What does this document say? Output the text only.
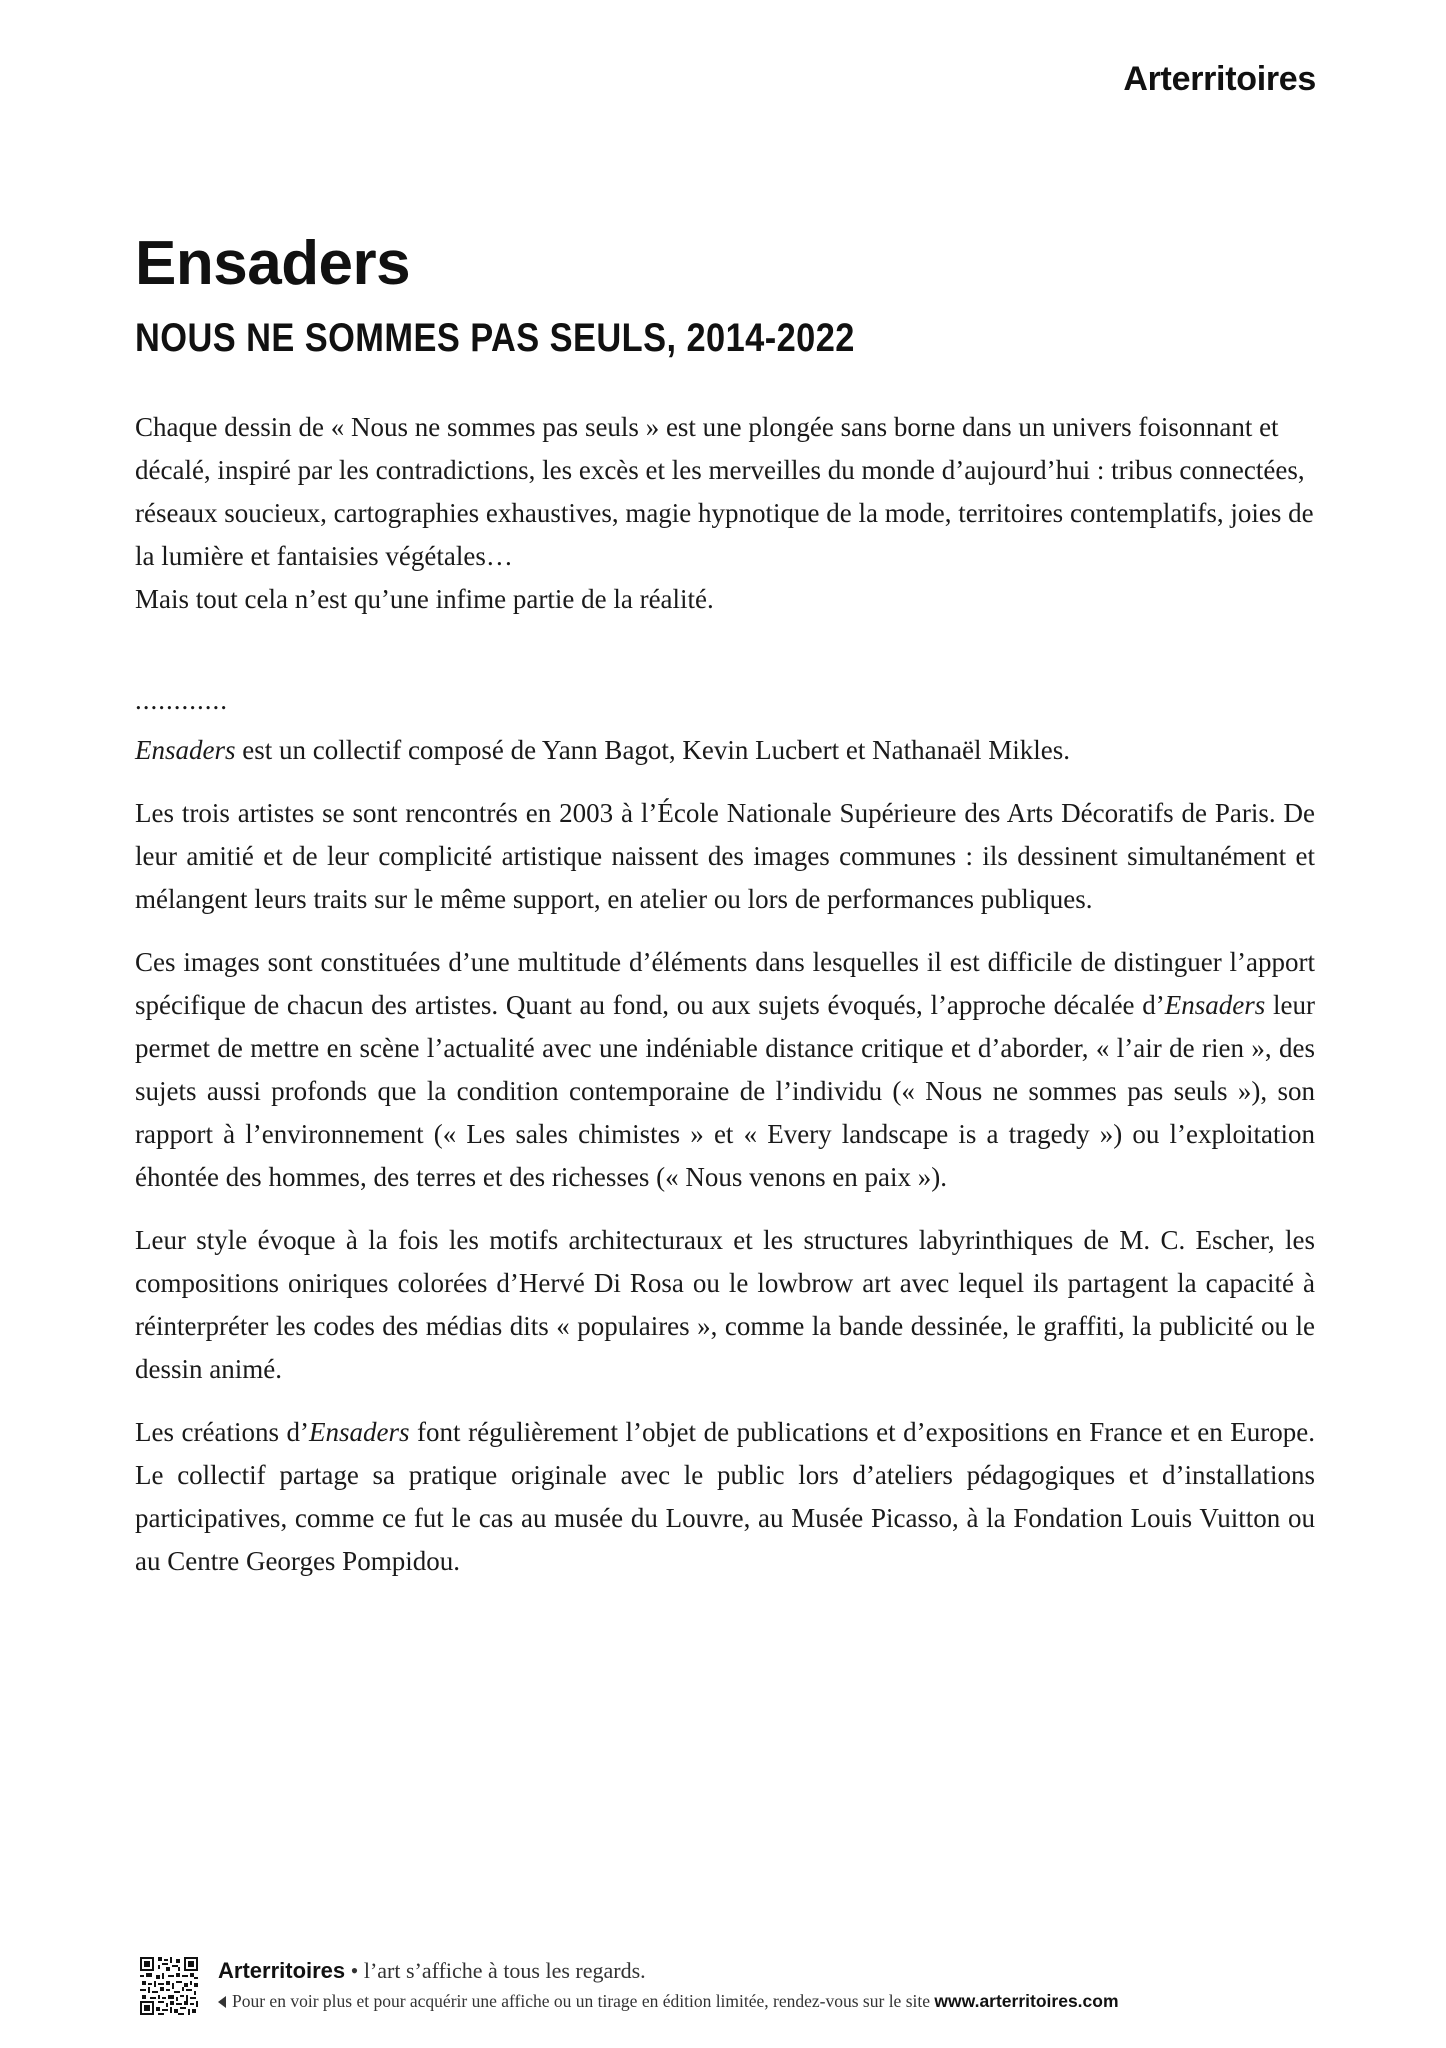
Arterritoires
Ensaders
NOUS NE SOMMES PAS SEULS, 2014-2022

Chaque dessin de « Nous ne sommes pas seuls » est une plongée sans borne dans un univers foisonnant et décalé, inspiré par les contradictions, les excès et les merveilles du monde d’aujourd’hui : tribus connectées, réseaux soucieux, cartographies exhaustives, magie hypnotique de la mode, territoires contemplatifs, joies de la lumière et fantaisies végétales…

Mais tout cela n’est qu’une infime partie de la réalité.

............

Ensaders est un collectif composé de Yann Bagot, Kevin Lucbert et Nathanaël Mikles.

Les trois artistes se sont rencontrés en 2003 à l’École Nationale Supérieure des Arts Décoratifs de Paris. De leur amitié et de leur complicité artistique naissent des images communes : ils dessinent simultanément et mélangent leurs traits sur le même support, en atelier ou lors de performances publiques.

Ces images sont constituées d’une multitude d’éléments dans lesquelles il est difficile de distinguer l’apport spécifique de chacun des artistes. Quant au fond, ou aux sujets évoqués, l’approche décalée d’Ensaders leur permet de mettre en scène l’actualité avec une indéniable distance critique et d’aborder, « l’air de rien », des sujets aussi profonds que la condition contemporaine de l’individu (« Nous ne sommes pas seuls »), son rapport à l’environnement (« Les sales chimistes » et « Every landscape is a tragedy ») ou l’exploitation éhontée des hommes, des terres et des richesses (« Nous venons en paix »).

Leur style évoque à la fois les motifs architecturaux et les structures labyrinthiques de M. C. Escher, les compositions oniriques colorées d’Hervé Di Rosa ou le lowbrow art avec lequel ils partagent la capacité à réinterpréter les codes des médias dits « populaires », comme la bande dessinée, le graffiti, la publicité ou le dessin animé.

Les créations d’Ensaders font régulièrement l’objet de publications et d’expositions en France et en Europe. Le collectif partage sa pratique originale avec le public lors d’ateliers pédagogiques et d’installations participatives, comme ce fut le cas au musée du Louvre, au Musée Picasso, à la Fondation Louis Vuitton ou au Centre Georges Pompidou.

Arterritoires • l’art s’affiche à tous les regards.
Pour en voir plus et pour acquérir une affiche ou un tirage en édition limitée, rendez-vous sur le site www.arterritoires.com
